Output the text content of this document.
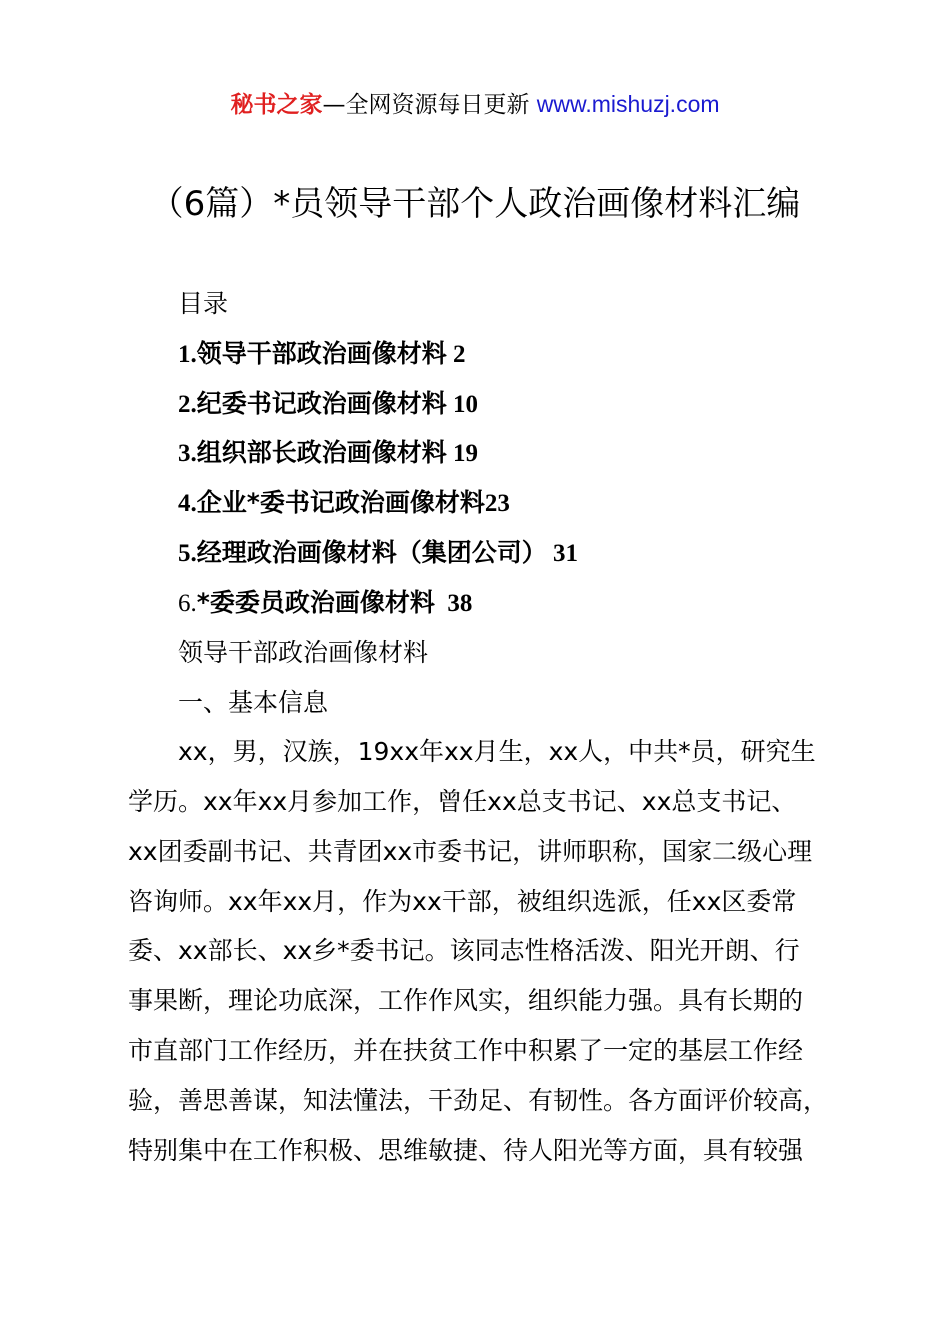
秘书之家—全网资源每日更新 www.mishuzj.com
（6篇）*员领导干部个人政治画像材料汇编
目录
1.领导干部政治画像材料 2
2.纪委书记政治画像材料 10
3.组织部长政治画像材料 19
4.企业*委书记政治画像材料23
5.经理政治画像材料（集团公司） 31
6.*委委员政治画像材料  38
领导干部政治画像材料
一、基本信息
xx，男，汉族，19xx年xx月生，xx人，中共*员，研究生
学历。xx年xx月参加工作，曾任xx总支书记、xx总支书记、
xx团委副书记、共青团xx市委书记，讲师职称，国家二级心理
咨询师。xx年xx月，作为xx干部，被组织选派，任xx区委常
委、xx部长、xx乡*委书记。该同志性格活泼、阳光开朗、行
事果断，理论功底深，工作作风实，组织能力强。具有长期的
市直部门工作经历，并在扶贫工作中积累了一定的基层工作经
验，善思善谋，知法懂法，干劲足、有韧性。各方面评价较高，
特别集中在工作积极、思维敏捷、待人阳光等方面，具有较强
